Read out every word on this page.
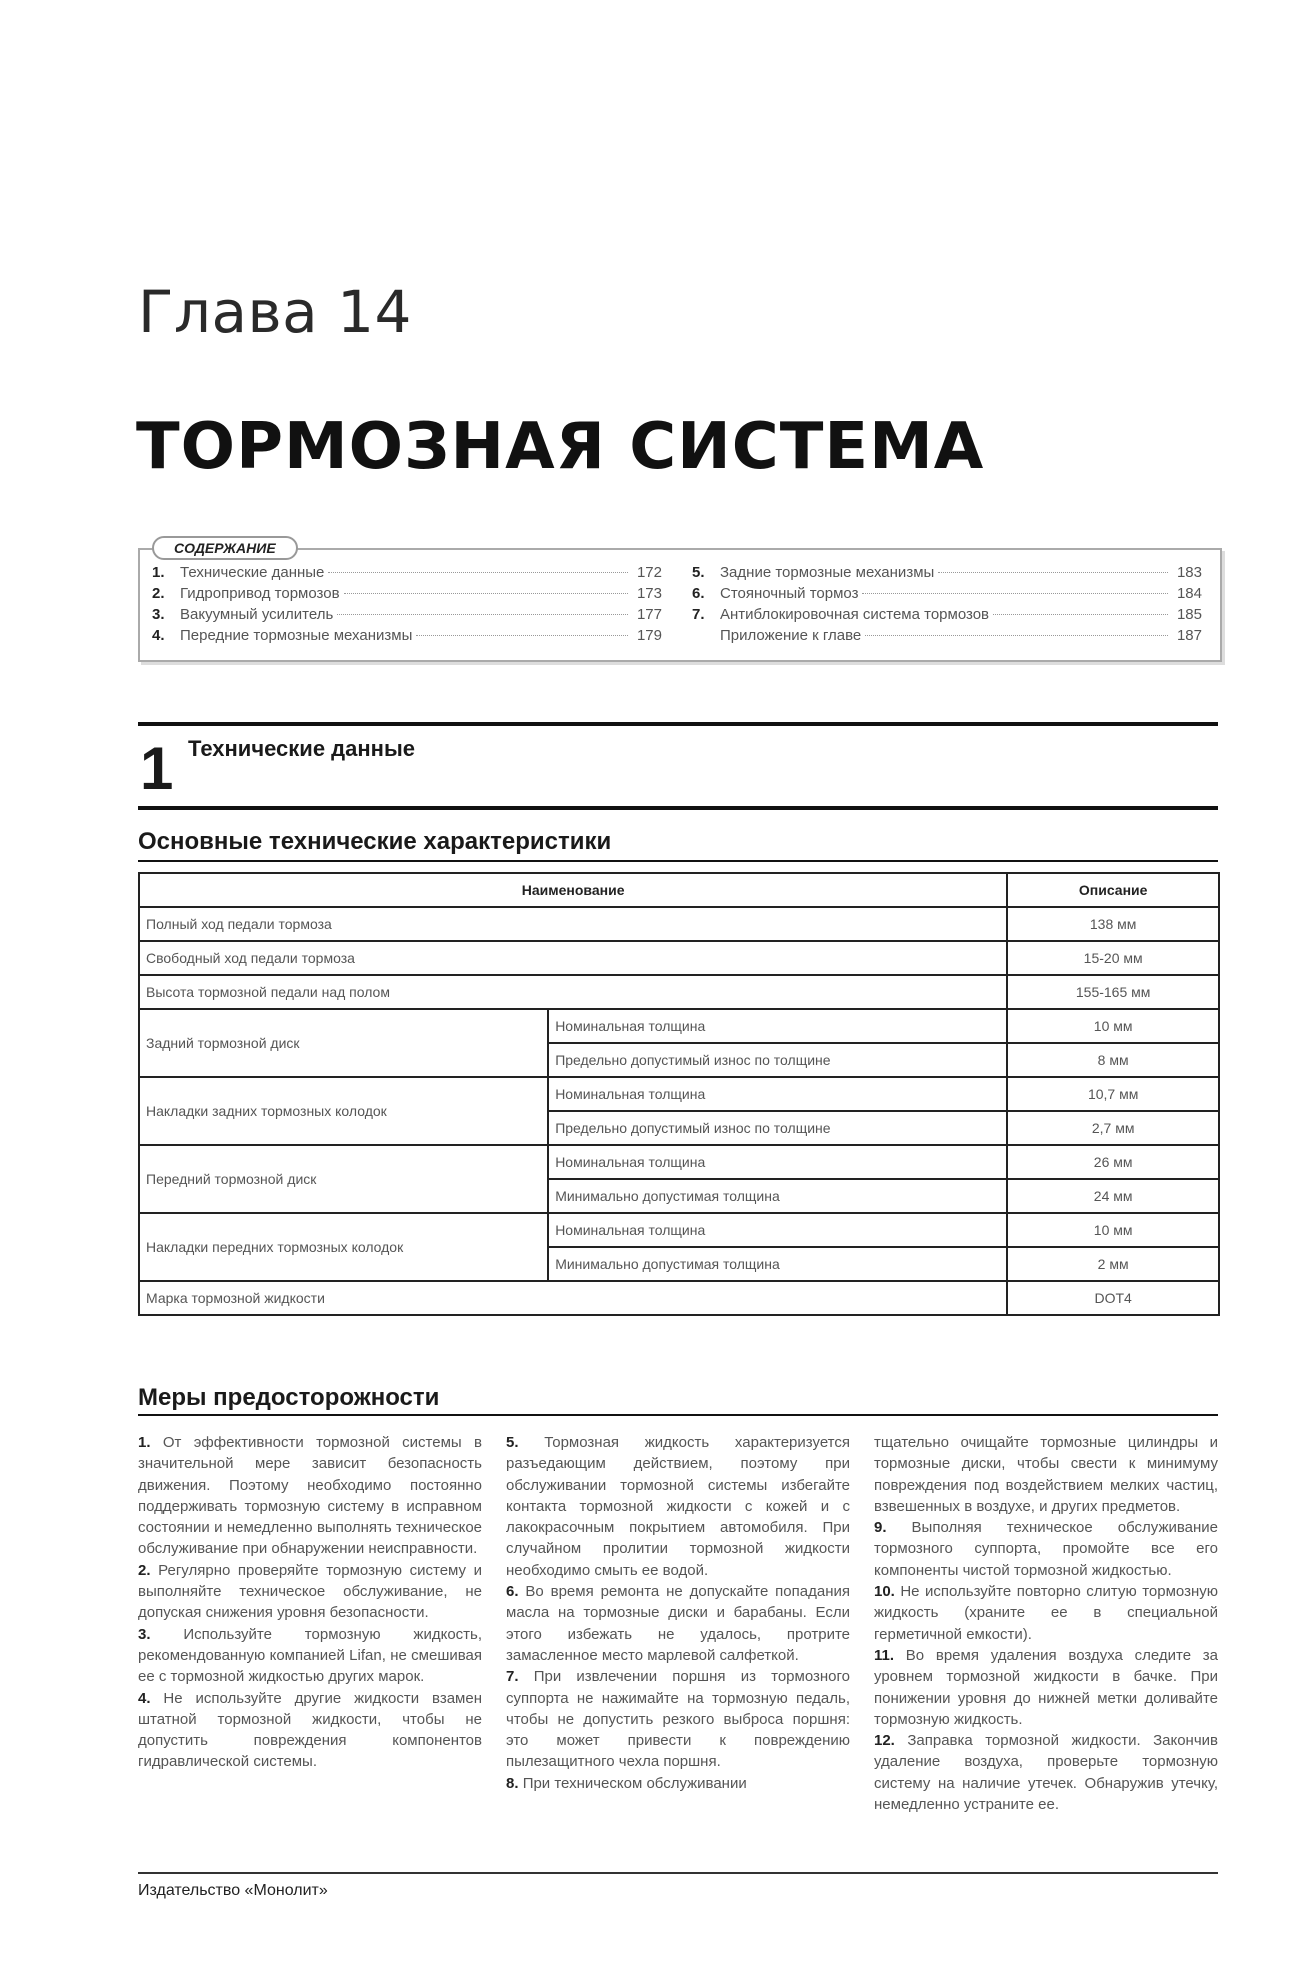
Глава 14
ТОРМОЗНАЯ СИСТЕМА
СОДЕРЖАНИЕ
1.	Технические данные	172
2.	Гидропривод тормозов	173
3.	Вакуумный усилитель	177
4.	Передние тормозные механизмы	179
5.	Задние тормозные механизмы	183
6.	Стояночный тормоз	184
7.	Антиблокировочная система тормозов	185
Приложение к главе	187
1 Технические данные
Основные технические характеристики
Наименование		Описание
Полный ход педали тормоза		138 мм
Свободный ход педали тормоза		15-20 мм
Высота тормозной педали над полом		155-165 мм
Задний тормозной диск	Номинальная толщина	10 мм
	Предельно допустимый износ по толщине	8 мм
Накладки задних тормозных колодок	Номинальная толщина	10,7 мм
	Предельно допустимый износ по толщине	2,7 мм
Передний тормозной диск	Номинальная толщина	26 мм
	Минимально допустимая толщина	24 мм
Накладки передних тормозных колодок	Номинальная толщина	10 мм
	Минимально допустимая толщина	2 мм
Марка тормозной жидкости		DOT4
Меры предосторожности

1. От эффективности тормозной системы в значительной мере зависит безопасность движения. Поэтому необходимо постоянно поддерживать тормозную систему в исправном состоянии и немедленно выполнять техническое обслуживание при обнаружении неисправности.

2. Регулярно проверяйте тормозную систему и выполняйте техническое обслуживание, не допуская снижения уровня безопасности.

3. Используйте тормозную жидкость, рекомендованную компанией Lifan, не смешивая ее с тормозной жидкостью других марок.

4. Не используйте другие жидкости взамен штатной тормозной жидкости, чтобы не допустить повреждения компонентов гидравлической системы.

5. Тормозная жидкость характеризуется разъедающим действием, поэтому при обслуживании тормозной системы избегайте контакта тормозной жидкости с кожей и с лакокрасочным покрытием автомобиля. При случайном пролитии тормозной жидкости необходимо смыть ее водой.

6. Во время ремонта не допускайте попадания масла на тормозные диски и барабаны. Если этого избежать не удалось, протрите замасленное место марлевой салфеткой.

7. При извлечении поршня из тормозного суппорта не нажимайте на тормозную педаль, чтобы не допустить резкого выброса поршня: это может привести к повреждению пылезащитного чехла поршня.

8. При техническом обслуживании

тщательно очищайте тормозные цилиндры и тормозные диски, чтобы свести к минимуму повреждения под воздействием мелких частиц, взвешенных в воздухе, и других предметов.

9. Выполняя техническое обслуживание тормозного суппорта, промойте все его компоненты чистой тормозной жидкостью.

10. Не используйте повторно слитую тормозную жидкость (храните ее в специальной герметичной емкости).

11. Во время удаления воздуха следите за уровнем тормозной жидкости в бачке. При понижении уровня до нижней метки доливайте тормозную жидкость.

12. Заправка тормозной жидкости. Закончив удаление воздуха, проверьте тормозную систему на наличие утечек. Обнаружив утечку, немедленно устраните ее.

Издательство «Монолит»
